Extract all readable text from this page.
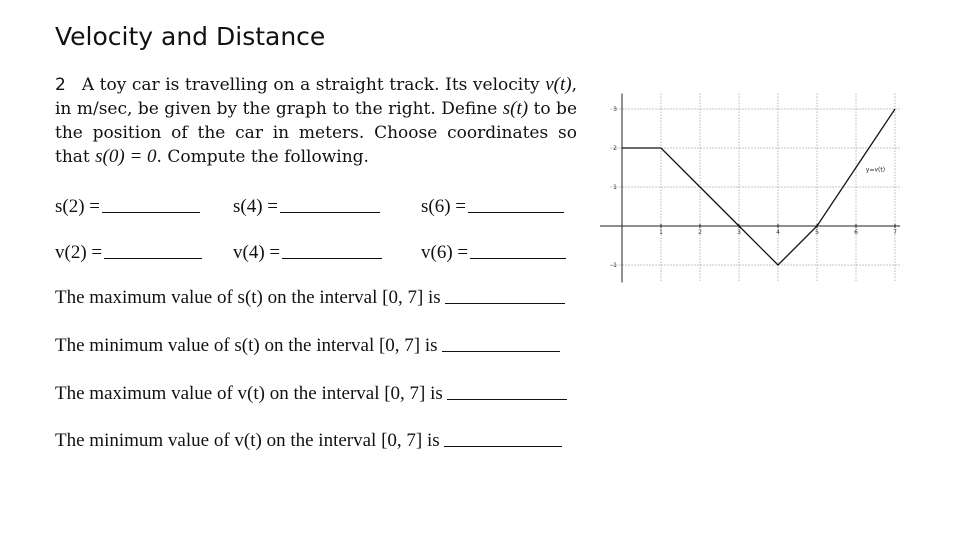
Velocity and Distance

2 A toy car is travelling on a straight track. Its velocity v(t), in m/sec, be given by the graph to the right. Define s(t) to be the position of the car in meters. Choose coordinates so that s(0) = 0. Compute the following.

s(2) =	s(4) =	s(6) =
v(2) =	v(4) =	v(6) =
The maximum value of s(t) on the interval [0, 7] is
The minimum value of s(t) on the interval [0, 7] is
The maximum value of v(t) on the interval [0, 7] is
The minimum value of v(t) on the interval [0, 7] is
1	2	3	4	5	6	7
-1
1
2
3
y=v(t)
